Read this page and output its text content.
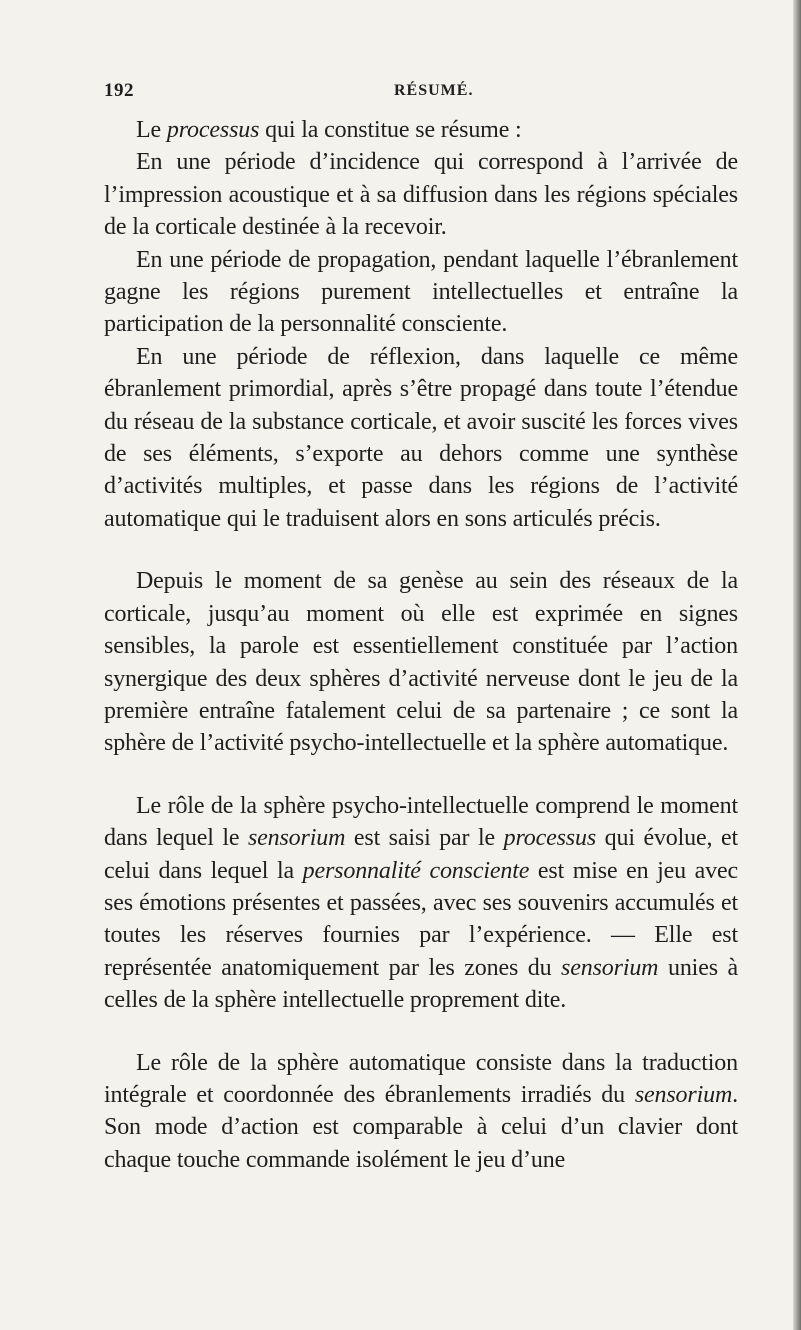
192	RÉSUMÉ.

Le processus qui la constitue se résume :

En une période d’incidence qui correspond à l’arrivée de l’impression acoustique et à sa diffusion dans les régions spéciales de la corticale destinée à la recevoir.

En une période de propagation, pendant laquelle l’ébranlement gagne les régions purement intellectuelles et entraîne la participation de la personnalité consciente.

En une période de réflexion, dans laquelle ce même ébranlement primordial, après s’être propagé dans toute l’étendue du réseau de la substance corticale, et avoir suscité les forces vives de ses éléments, s’exporte au dehors comme une synthèse d’activités multiples, et passe dans les régions de l’activité automatique qui le traduisent alors en sons articulés précis.

Depuis le moment de sa genèse au sein des réseaux de la corticale, jusqu’au moment où elle est exprimée en signes sensibles, la parole est essentiellement constituée par l’action synergique des deux sphères d’activité nerveuse dont le jeu de la première entraîne fatalement celui de sa partenaire ; ce sont la sphère de l’activité psycho-intellectuelle et la sphère automatique.

Le rôle de la sphère psycho-intellectuelle comprend le moment dans lequel le sensorium est saisi par le processus qui évolue, et celui dans lequel la personnalité consciente est mise en jeu avec ses émotions présentes et passées, avec ses souvenirs accumulés et toutes les réserves fournies par l’expérience. — Elle est représentée anatomiquement par les zones du sensorium unies à celles de la sphère intellectuelle proprement dite.

Le rôle de la sphère automatique consiste dans la traduction intégrale et coordonnée des ébranlements irradiés du sensorium. Son mode d’action est comparable à celui d’un clavier dont chaque touche commande isolément le jeu d’une
